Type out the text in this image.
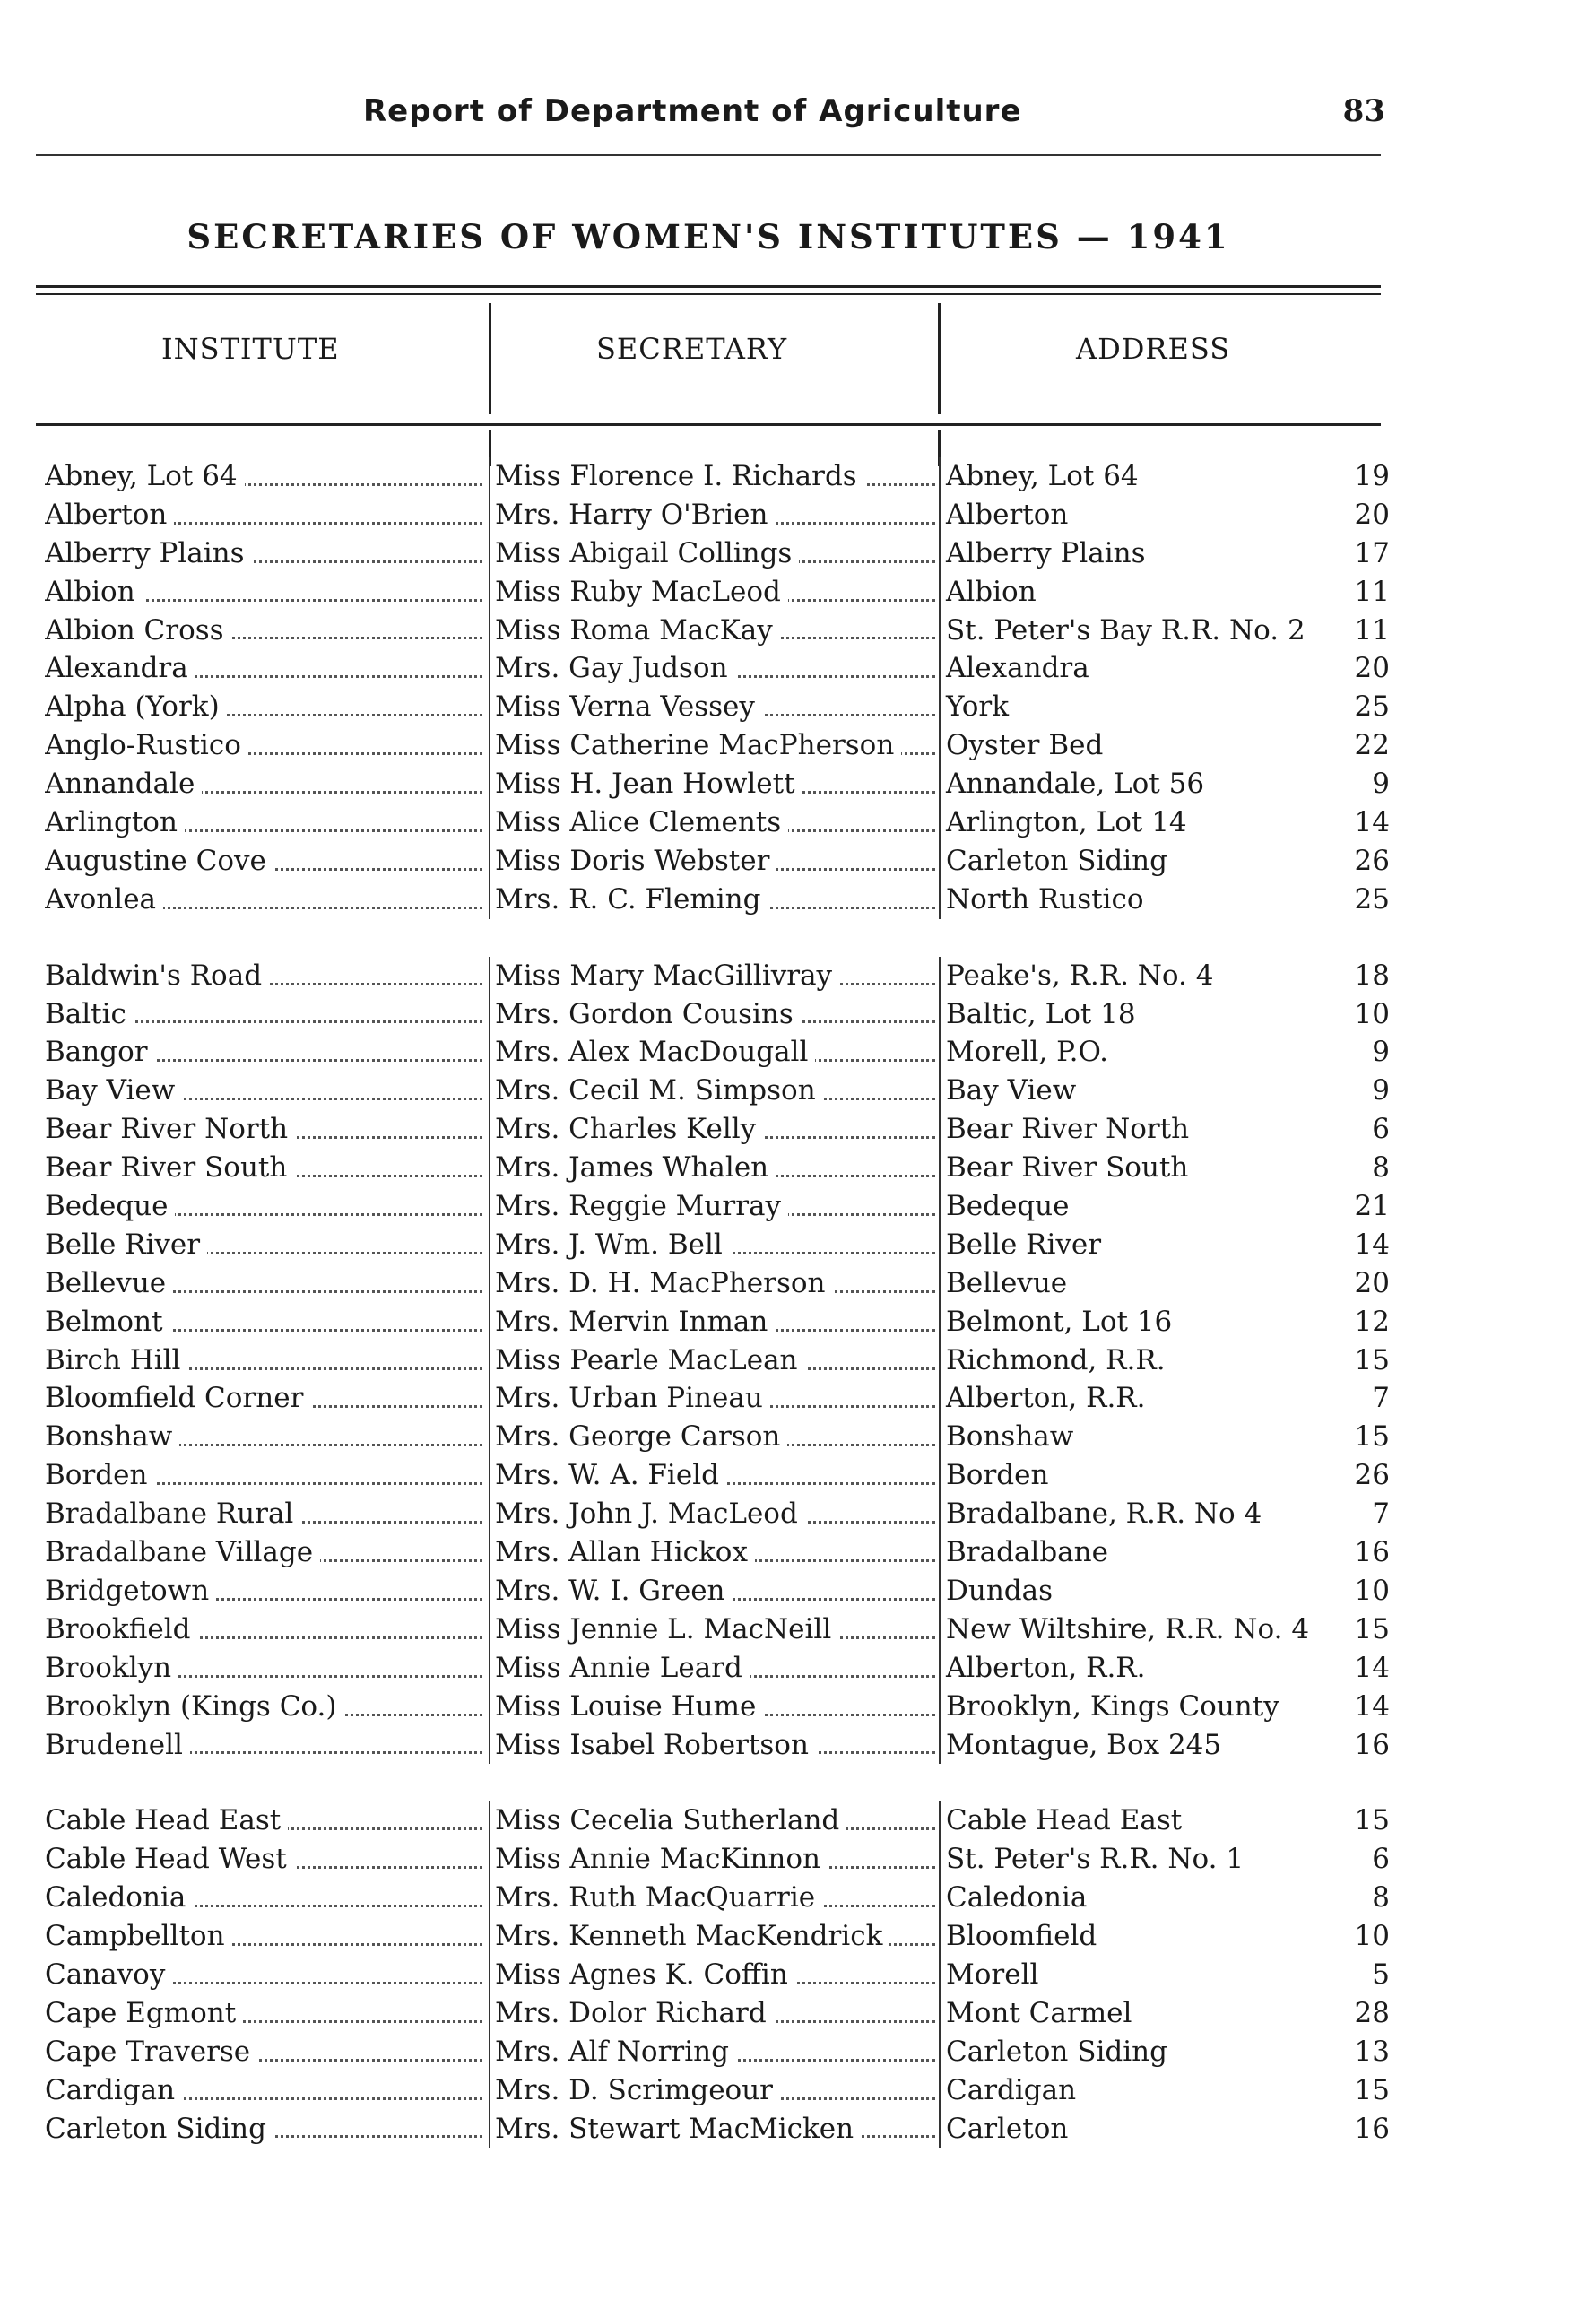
Report of Department of Agriculture	83
SECRETARIES OF WOMEN'S INSTITUTES — 1941
INSTITUTE	SECRETARY	ADDRESS
Abney, Lot 64	Miss Florence I. Richards	Abney, Lot 64	19
Alberton	Mrs. Harry O'Brien	Alberton	20
Alberry Plains	Miss Abigail Collings	Alberry Plains	17
Albion	Miss Ruby MacLeod	Albion	11
Albion Cross	Miss Roma MacKay	St. Peter's Bay R.R. No. 2	11
Alexandra	Mrs. Gay Judson	Alexandra	20
Alpha (York)	Miss Verna Vessey	York	25
Anglo-Rustico	Miss Catherine MacPherson	Oyster Bed	22
Annandale	Miss H. Jean Howlett	Annandale, Lot 56	9
Arlington	Miss Alice Clements	Arlington, Lot 14	14
Augustine Cove	Miss Doris Webster	Carleton Siding	26
Avonlea	Mrs. R. C. Fleming	North Rustico	25
Baldwin's Road	Miss Mary MacGillivray	Peake's, R.R. No. 4	18
Baltic	Mrs. Gordon Cousins	Baltic, Lot 18	10
Bangor	Mrs. Alex MacDougall	Morell, P.O.	9
Bay View	Mrs. Cecil M. Simpson	Bay View	9
Bear River North	Mrs. Charles Kelly	Bear River North	6
Bear River South	Mrs. James Whalen	Bear River South	8
Bedeque	Mrs. Reggie Murray	Bedeque	21
Belle River	Mrs. J. Wm. Bell	Belle River	14
Bellevue	Mrs. D. H. MacPherson	Bellevue	20
Belmont	Mrs. Mervin Inman	Belmont, Lot 16	12
Birch Hill	Miss Pearle MacLean	Richmond, R.R.	15
Bloomfield Corner	Mrs. Urban Pineau	Alberton, R.R.	7
Bonshaw	Mrs. George Carson	Bonshaw	15
Borden	Mrs. W. A. Field	Borden	26
Bradalbane Rural	Mrs. John J. MacLeod	Bradalbane, R.R. No 4	7
Bradalbane Village	Mrs. Allan Hickox	Bradalbane	16
Bridgetown	Mrs. W. I. Green	Dundas	10
Brookfield	Miss Jennie L. MacNeill	New Wiltshire, R.R. No. 4	15
Brooklyn	Miss Annie Leard	Alberton, R.R.	14
Brooklyn (Kings Co.)	Miss Louise Hume	Brooklyn, Kings County	14
Brudenell	Miss Isabel Robertson	Montague, Box 245	16
Cable Head East	Miss Cecelia Sutherland	Cable Head East	15
Cable Head West	Miss Annie MacKinnon	St. Peter's R.R. No. 1	6
Caledonia	Mrs. Ruth MacQuarrie	Caledonia	8
Campbellton	Mrs. Kenneth MacKendrick	Bloomfield	10
Canavoy	Miss Agnes K. Coffin	Morell	5
Cape Egmont	Mrs. Dolor Richard	Mont Carmel	28
Cape Traverse	Mrs. Alf Norring	Carleton Siding	13
Cardigan	Mrs. D. Scrimgeour	Cardigan	15
Carleton Siding	Mrs. Stewart MacMicken	Carleton	16
